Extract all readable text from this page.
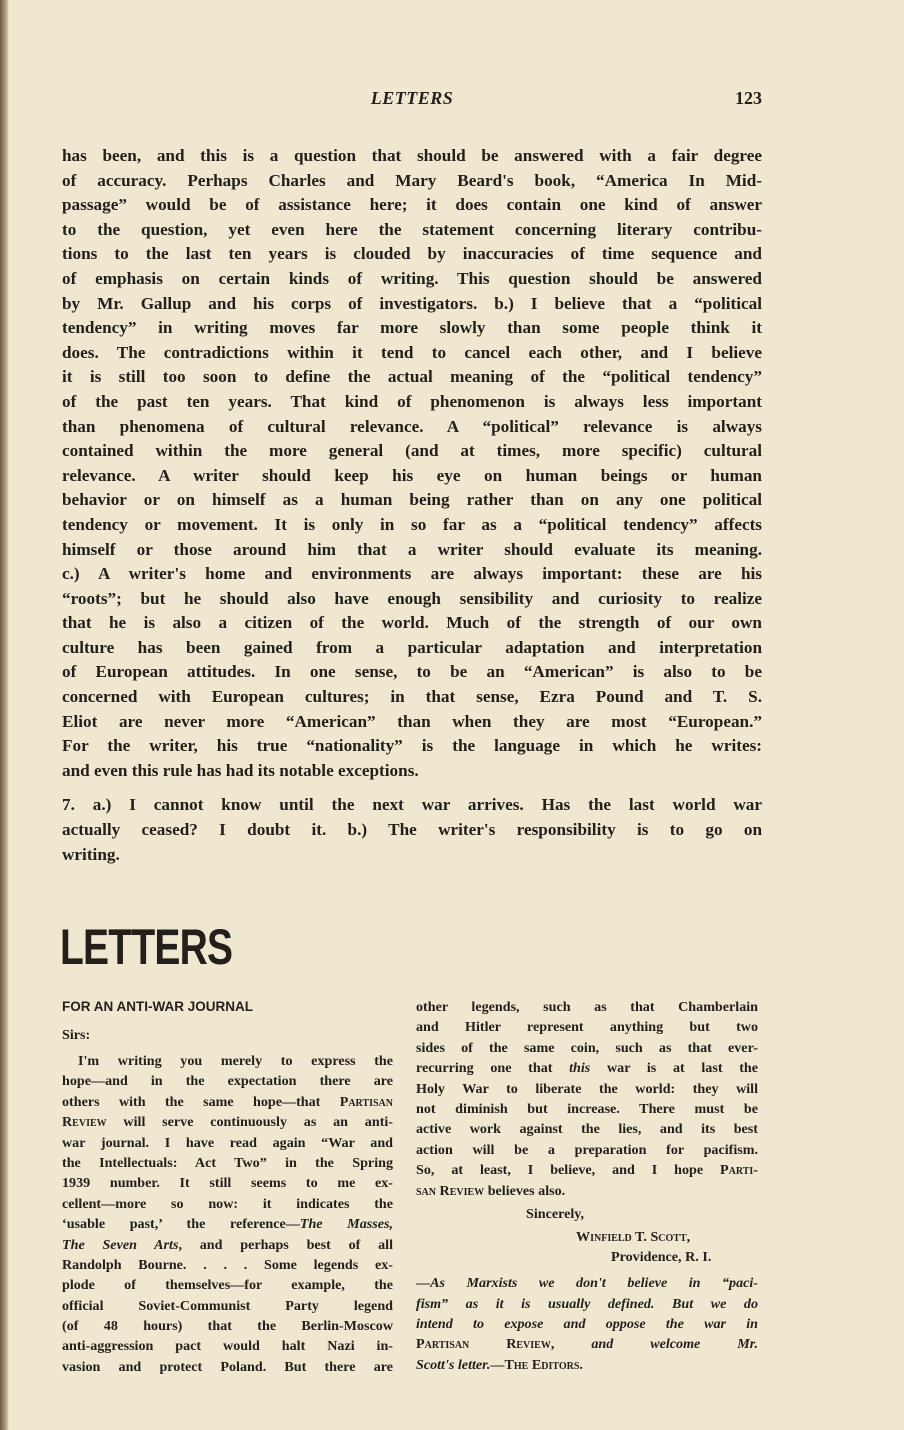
LETTERS	123
has been, and this is a question that should be answered with a fair degree
of accuracy. Perhaps Charles and Mary Beard's book, “America In Mid-
passage” would be of assistance here; it does contain one kind of answer
to the question, yet even here the statement concerning literary contribu-
tions to the last ten years is clouded by inaccuracies of time sequence and
of emphasis on certain kinds of writing. This question should be answered
by Mr. Gallup and his corps of investigators. b.) I believe that a “political
tendency” in writing moves far more slowly than some people think it
does. The contradictions within it tend to cancel each other, and I believe
it is still too soon to define the actual meaning of the “political tendency”
of the past ten years. That kind of phenomenon is always less important
than phenomena of cultural relevance. A “political” relevance is always
contained within the more general (and at times, more specific) cultural
relevance. A writer should keep his eye on human beings or human
behavior or on himself as a human being rather than on any one political
tendency or movement. It is only in so far as a “political tendency” affects
himself or those around him that a writer should evaluate its meaning.
c.) A writer's home and environments are always important: these are his
“roots”; but he should also have enough sensibility and curiosity to realize
that he is also a citizen of the world. Much of the strength of our own
culture has been gained from a particular adaptation and interpretation
of European attitudes. In one sense, to be an “American” is also to be
concerned with European cultures; in that sense, Ezra Pound and T. S.
Eliot are never more “American” than when they are most “European.”
For the writer, his true “nationality” is the language in which he writes:
and even this rule has had its notable exceptions.
7. a.) I cannot know until the next war arrives. Has the last world war
actually ceased? I doubt it. b.) The writer's responsibility is to go on
writing.
LETTERS
FOR AN ANTI-WAR JOURNAL
Sirs:
I'm writing you merely to express the
hope—and in the expectation there are
others with the same hope—that Partisan
Review will serve continuously as an anti-
war journal. I have read again “War and
the Intellectuals: Act Two” in the Spring
1939 number. It still seems to me ex-
cellent—more so now: it indicates the
‘usable past,’ the reference—The Masses,
The Seven Arts, and perhaps best of all
Randolph Bourne. . . . Some legends ex-
plode of themselves—for example, the
official Soviet-Communist Party legend
(of 48 hours) that the Berlin-Moscow
anti-aggression pact would halt Nazi in-
vasion and protect Poland. But there are
other legends, such as that Chamberlain
and Hitler represent anything but two
sides of the same coin, such as that ever-
recurring one that this war is at last the
Holy War to liberate the world: they will
not diminish but increase. There must be
active work against the lies, and its best
action will be a preparation for pacifism.
So, at least, I believe, and I hope Parti-
san Review believes also.
Sincerely,
Winfield T. Scott,
Providence, R. I.
—As Marxists we don't believe in “paci-
fism” as it is usually defined. But we do
intend to expose and oppose the war in
Partisan Review, and welcome Mr.
Scott's letter.—The Editors.
